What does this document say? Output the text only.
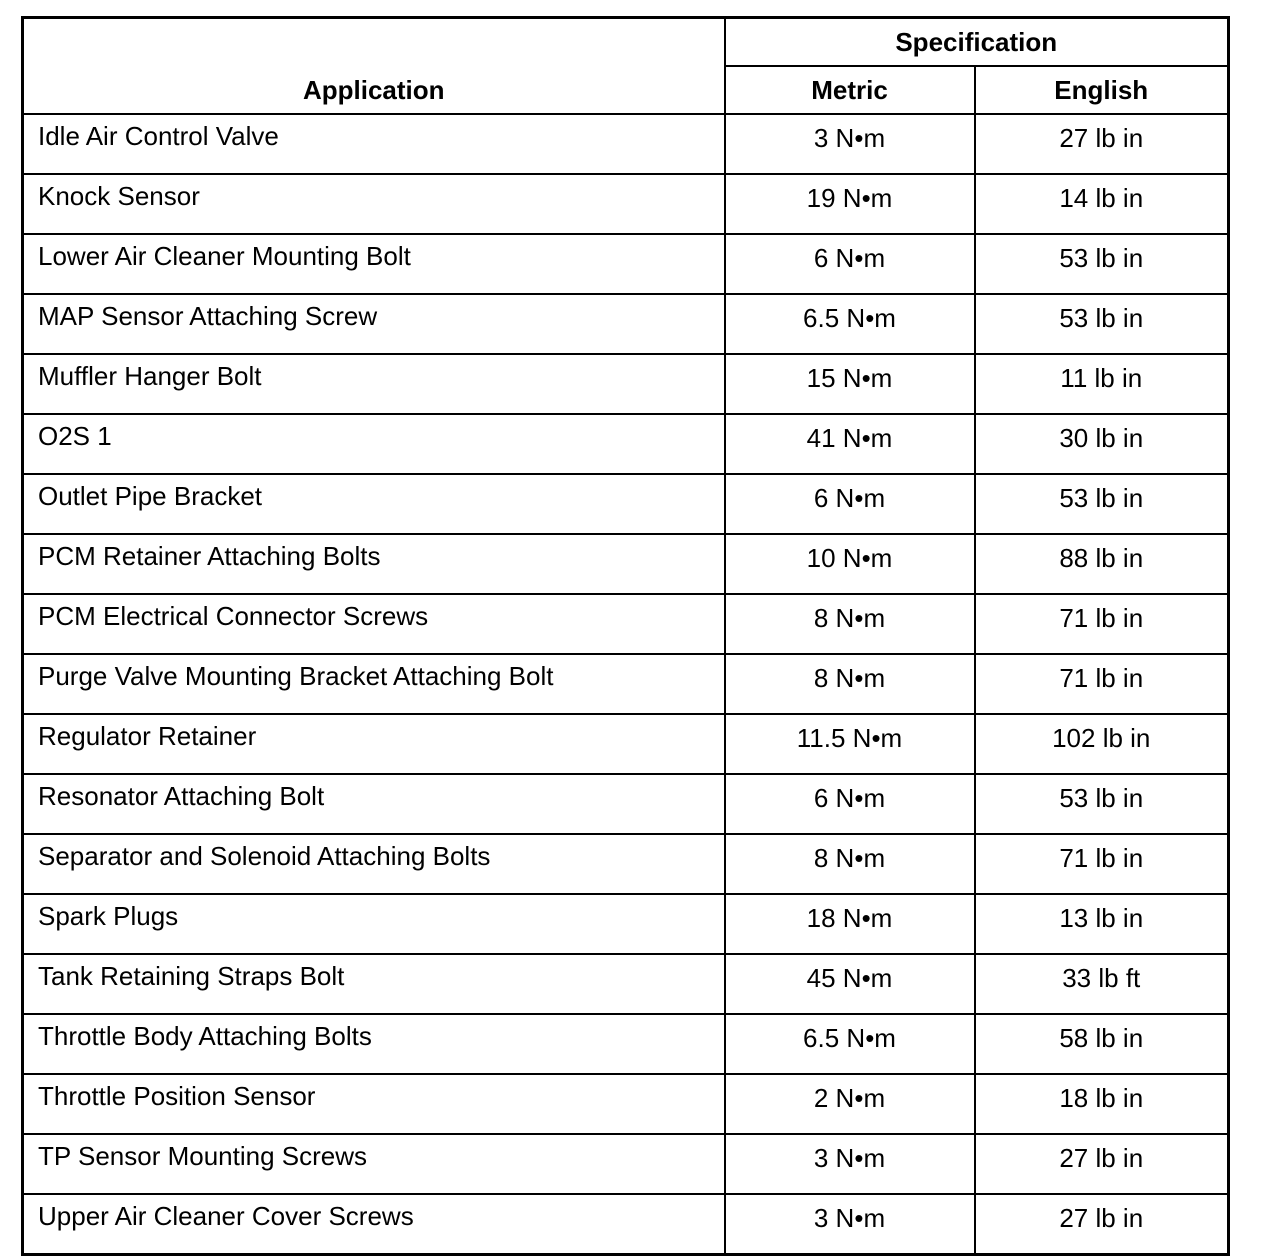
Application	Specification	
	Metric	English
Idle Air Control Valve	3 N•m	27 lb in
Knock Sensor	19 N•m	14 lb in
Lower Air Cleaner Mounting Bolt	6 N•m	53 lb in
MAP Sensor Attaching Screw	6.5 N•m	53 lb in
Muffler Hanger Bolt	15 N•m	11 lb in
O2S 1	41 N•m	30 lb in
Outlet Pipe Bracket	6 N•m	53 lb in
PCM Retainer Attaching Bolts	10 N•m	88 lb in
PCM Electrical Connector Screws	8 N•m	71 lb in
Purge Valve Mounting Bracket Attaching Bolt	8 N•m	71 lb in
Regulator Retainer	11.5 N•m	102 lb in
Resonator Attaching Bolt	6 N•m	53 lb in
Separator and Solenoid Attaching Bolts	8 N•m	71 lb in
Spark Plugs	18 N•m	13 lb in
Tank Retaining Straps Bolt	45 N•m	33 lb ft
Throttle Body Attaching Bolts	6.5 N•m	58 lb in
Throttle Position Sensor	2 N•m	18 lb in
TP Sensor Mounting Screws	3 N•m	27 lb in
Upper Air Cleaner Cover Screws	3 N•m	27 lb in
